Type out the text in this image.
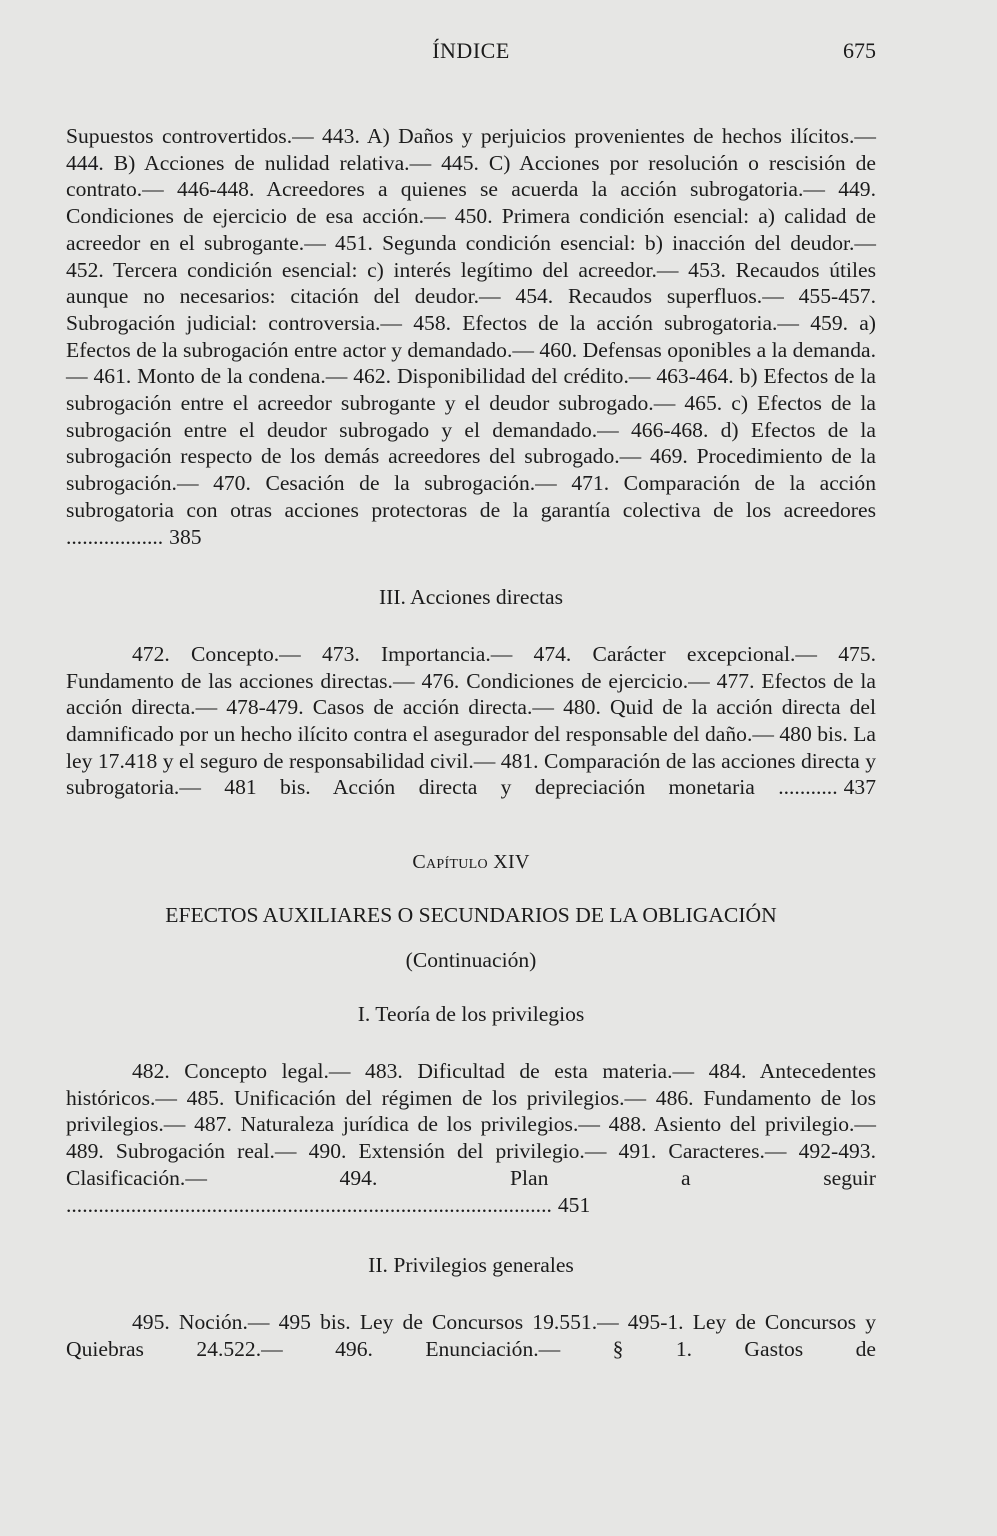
ÍNDICE	675

Supuestos controvertidos.— 443. A) Daños y perjuicios provenientes de hechos ilícitos.— 444. B) Acciones de nulidad relativa.— 445. C) Acciones por resolución o rescisión de contrato.— 446-448. Acreedores a quienes se acuerda la acción subrogatoria.— 449. Condiciones de ejercicio de esa acción.— 450. Primera condición esencial: a) calidad de acreedor en el subrogante.— 451. Segunda condición esencial: b) inacción del deudor.— 452. Tercera condición esencial: c) interés legítimo del acreedor.— 453. Recaudos útiles aunque no necesarios: citación del deudor.— 454. Recaudos superfluos.— 455-457. Subrogación judicial: controversia.— 458. Efectos de la acción subrogatoria.— 459. a) Efectos de la subrogación entre actor y demandado.— 460. Defensas oponibles a la demanda.— 461. Monto de la condena.— 462. Disponibilidad del crédito.— 463-464. b) Efectos de la subrogación entre el acreedor subrogante y el deudor subrogado.— 465. c) Efectos de la subrogación entre el deudor subrogado y el demandado.— 466-468. d) Efectos de la subrogación respecto de los demás acreedores del subrogado.— 469. Procedimiento de la subrogación.— 470. Cesación de la subrogación.— 471. Comparación de la acción subrogatoria con otras acciones protectoras de la garantía colectiva de los acreedores .................. 385

III. Acciones directas

472. Concepto.— 473. Importancia.— 474. Carácter excepcional.— 475. Fundamento de las acciones directas.— 476. Condiciones de ejercicio.— 477. Efectos de la acción directa.— 478-479. Casos de acción directa.— 480. Quid de la acción directa del damnificado por un hecho ilícito contra el asegurador del responsable del daño.— 480 bis. La ley 17.418 y el seguro de responsabilidad civil.— 481. Comparación de las acciones directa y subrogatoria.— 481 bis. Acción directa y depreciación monetaria ........... 437

Capítulo XIV

EFECTOS AUXILIARES O SECUNDARIOS DE LA OBLIGACIÓN

(Continuación)

I. Teoría de los privilegios

482. Concepto legal.— 483. Dificultad de esta materia.— 484. Antecedentes históricos.— 485. Unificación del régimen de los privilegios.— 486. Fundamento de los privilegios.— 487. Naturaleza jurídica de los privilegios.— 488. Asiento del privilegio.— 489. Subrogación real.— 490. Extensión del privilegio.— 491. Caracteres.— 492-493. Clasificación.— 494. Plan a seguir .......................................................................................... 451

II. Privilegios generales

495. Noción.— 495 bis. Ley de Concursos 19.551.— 495-1. Ley de Concursos y Quiebras 24.522.— 496. Enunciación.— § 1. Gastos de
